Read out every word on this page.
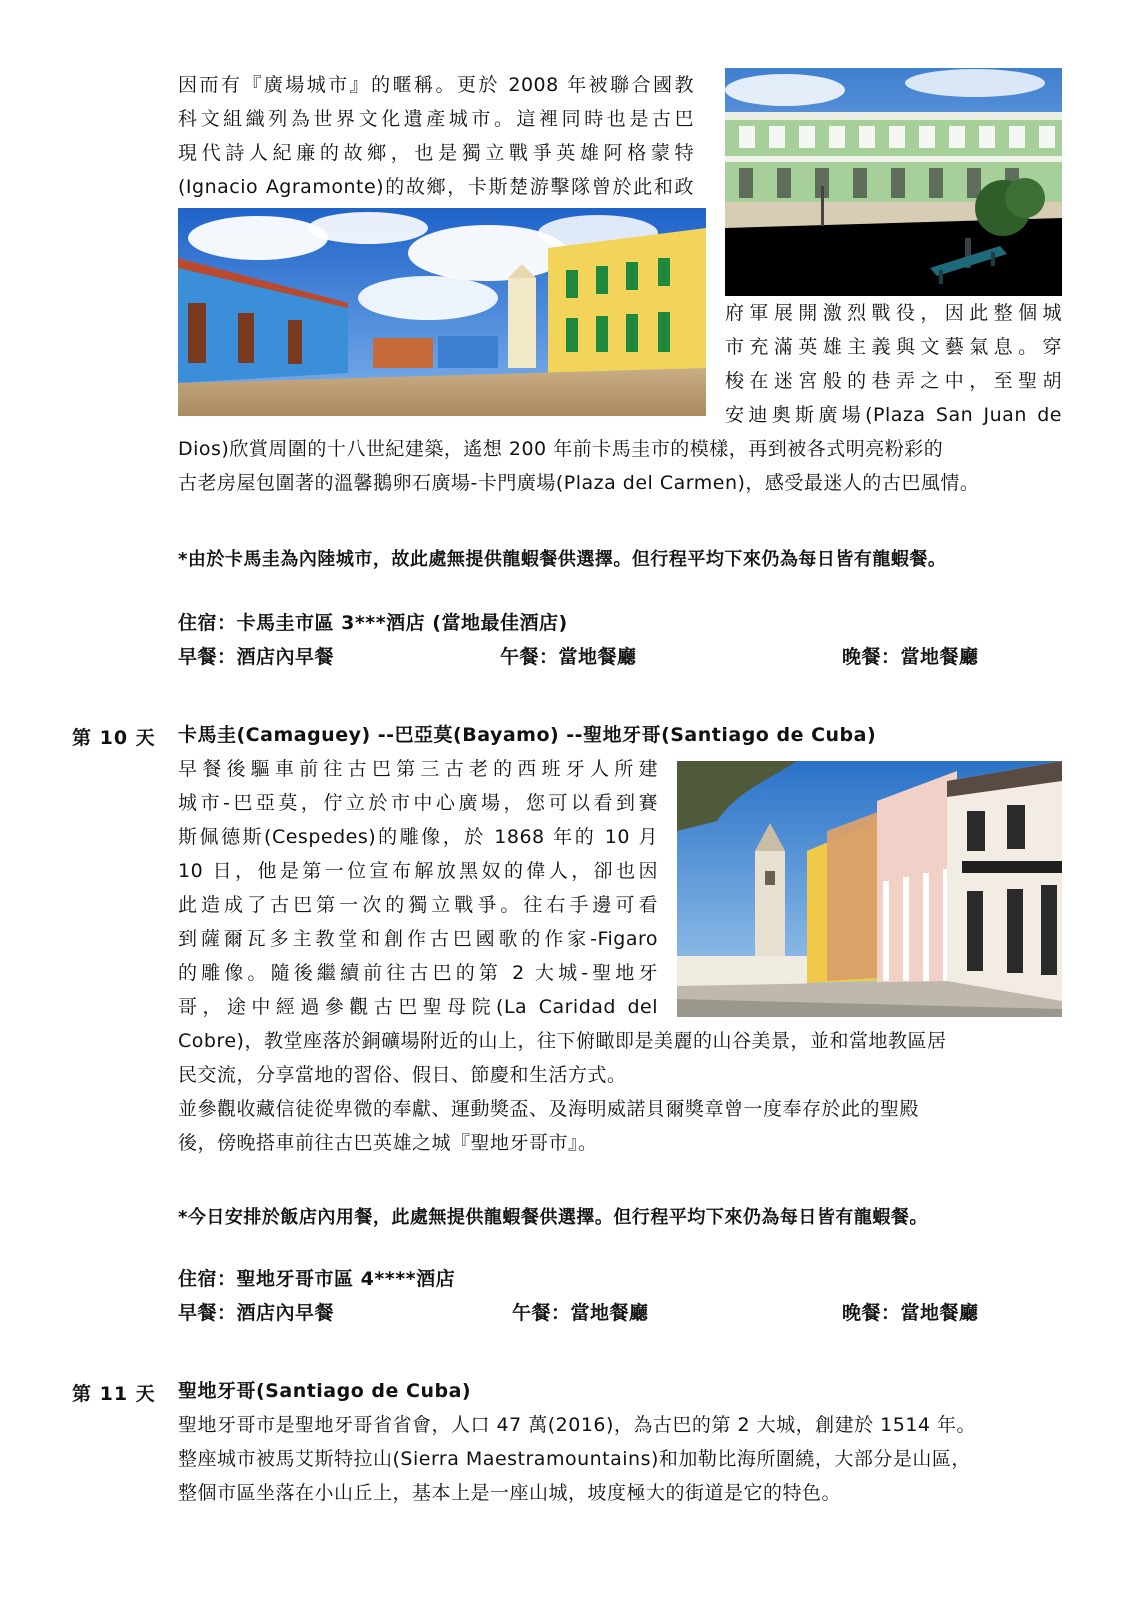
因而有『廣場城市』的暱稱。更於 2008 年被聯合國教
科文組織列為世界文化遺產城市。這裡同時也是古巴
現代詩人紀廉的故鄉，也是獨立戰爭英雄阿格蒙特
(Ignacio Agramonte)的故鄉，卡斯楚游擊隊曾於此和政
府軍展開激烈戰役，因此整個城
市充滿英雄主義與文藝氣息。穿
梭在迷宮般的巷弄之中，至聖胡
安迪奧斯廣場(Plaza San Juan de
Dios)欣賞周圍的十八世紀建築，遙想 200 年前卡馬圭市的模樣，再到被各式明亮粉彩的
古老房屋包圍著的溫馨鵝卵石廣場-卡門廣場(Plaza del Carmen)，感受最迷人的古巴風情。
*由於卡馬圭為內陸城市，故此處無提供龍蝦餐供選擇。但行程平均下來仍為每日皆有龍蝦餐。
住宿：卡馬圭市區 3***酒店 (當地最佳酒店)
早餐：酒店內早餐	午餐：當地餐廳	晚餐：當地餐廳
第 10 天 卡馬圭(Camaguey) --巴亞莫(Bayamo) --聖地牙哥(Santiago de Cuba)
早餐後驅車前往古巴第三古老的西班牙人所建
城市-巴亞莫，佇立於市中心廣場，您可以看到賽
斯佩德斯(Cespedes)的雕像，於 1868 年的 10 月
10 日，他是第一位宣布解放黑奴的偉人，卻也因
此造成了古巴第一次的獨立戰爭。往右手邊可看
到薩爾瓦多主教堂和創作古巴國歌的作家-Figaro
的雕像。隨後繼續前往古巴的第 2 大城-聖地牙
哥，途中經過參觀古巴聖母院(La Caridad del
Cobre)，教堂座落於銅礦場附近的山上，往下俯瞰即是美麗的山谷美景，並和當地教區居
民交流，分享當地的習俗、假日、節慶和生活方式。
並參觀收藏信徒從卑微的奉獻、運動獎盃、及海明威諾貝爾獎章曾一度奉存於此的聖殿
後，傍晚搭車前往古巴英雄之城『聖地牙哥市』。
*今日安排於飯店內用餐，此處無提供龍蝦餐供選擇。但行程平均下來仍為每日皆有龍蝦餐。
住宿：聖地牙哥市區 4****酒店
早餐：酒店內早餐	午餐：當地餐廳	晚餐：當地餐廳
第 11 天 聖地牙哥(Santiago de Cuba)
聖地牙哥市是聖地牙哥省省會，人口 47 萬(2016)，為古巴的第 2 大城，創建於 1514 年。
整座城市被馬艾斯特拉山(Sierra Maestramountains)和加勒比海所圍繞，大部分是山區，
整個市區坐落在小山丘上，基本上是一座山城，坡度極大的街道是它的特色。
